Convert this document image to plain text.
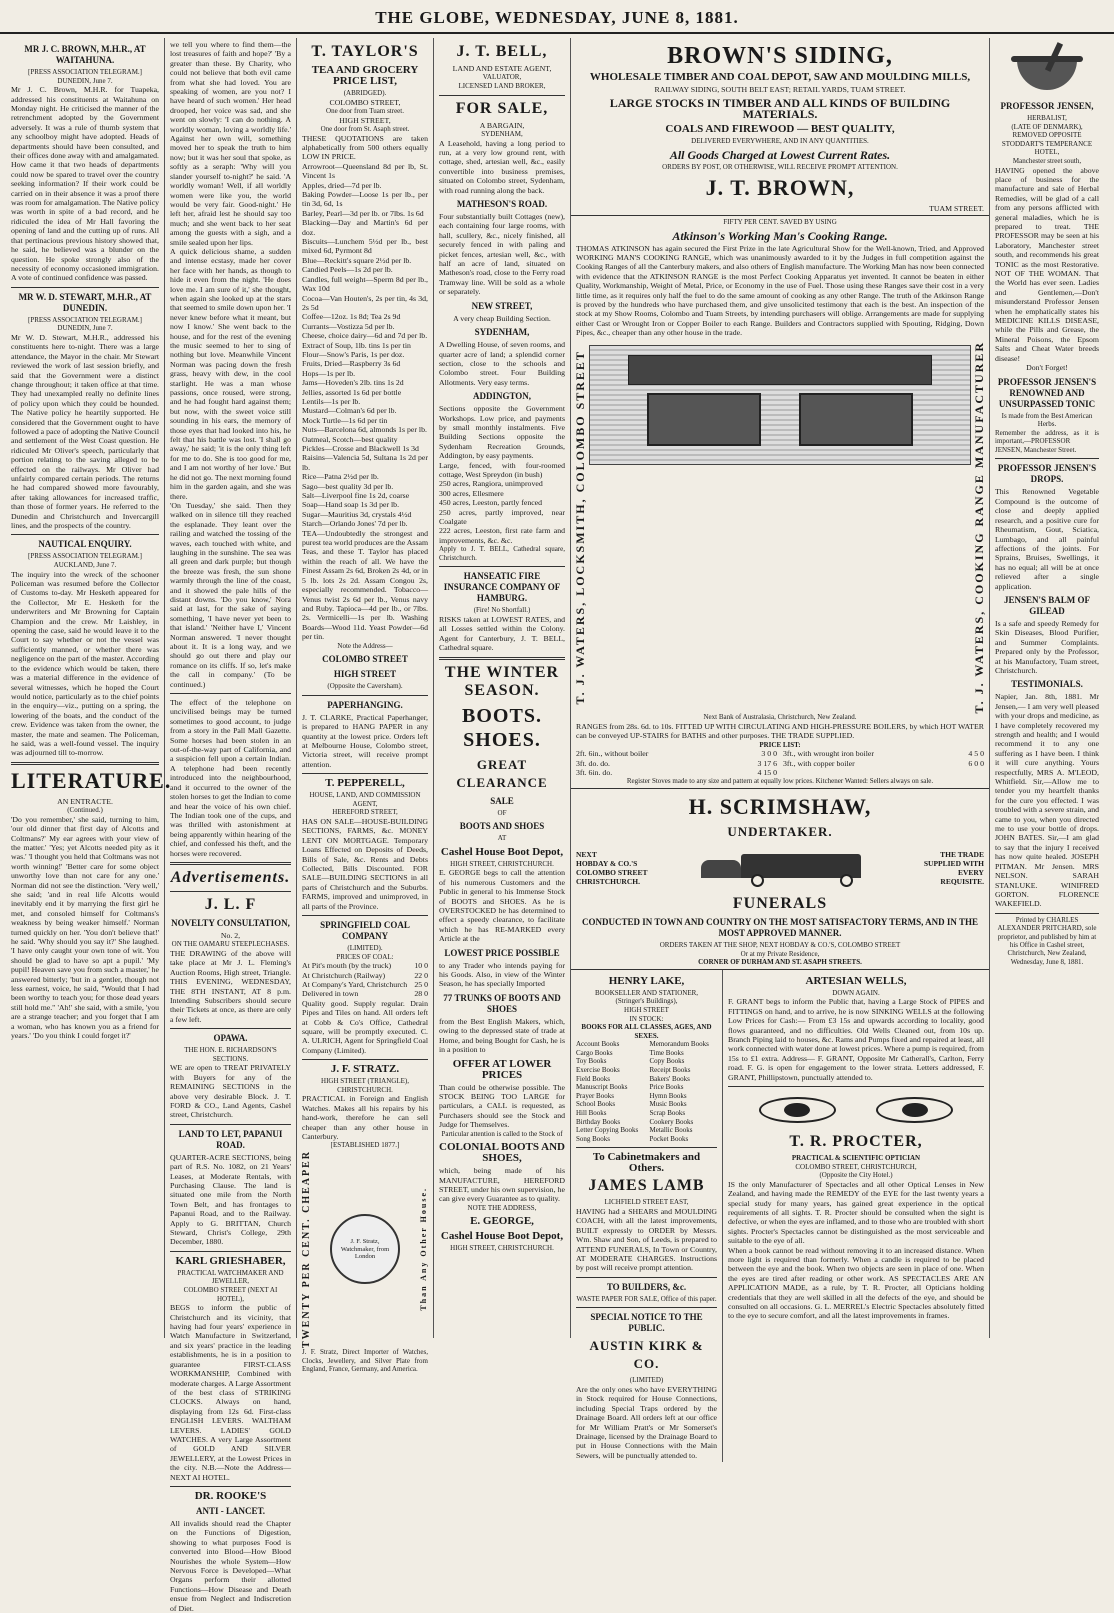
THE GLOBE, WEDNESDAY, JUNE 8, 1881.
MR J. C. BROWN, M.H.R., AT WAITAHUNA.
[PRESS ASSOCIATION TELEGRAM.]
DUNEDIN, June 7.

Mr J. C. Brown, M.H.R. for Tuapeka, addressed his constituents at Waitahuna on Monday night. He criticised the manner of the retrenchment adopted by the Government adversely. It was a rule of thumb system that any schoolboy might have adopted. Heads of departments should have been consulted, and their offices done away with and amalgamated. How came it that two heads of departments could now be spared to travel over the country seeking information? If their work could be carried on in their absence it was a proof there was room for amalgamation. The Native policy was worth in spite of a bad record, and he ridiculed the idea of Mr Hall favoring the opening of land and the cutting up of runs. All that pertinacious previous history showed that, he said, he believed was a blunder on the question. He spoke strongly also of the necessity of economy occasioned immigration. A vote of continued confidence was passed.

MR W. D. STEWART, M.H.R., AT DUNEDIN.
[PRESS ASSOCIATION TELEGRAM.]
DUNEDIN, June 7.

Mr W. D. Stewart, M.H.R., addressed his constituents here to-night. There was a large attendance, the Mayor in the chair. Mr Stewart reviewed the work of last session briefly, and said that the Government were a distinct change throughout; it taken office at that time. They had unexampled really no definite lines of policy upon which they could be hounded. The Native policy he heartily supported. He considered that the Government ought to have followed a pace of adopting the Native Council and settlement of the West Coast question. He ridiculed Mr Oliver's speech, particularly that portion relating to the saving alleged to be effected on the railways. Mr Oliver had unfairly compared certain periods. The returns he had compared showed more favourably, after taking allowances for increased traffic, than those of former years. He referred to the Dunedin and Christchurch and Invercargill lines, and the prospects of the country.

NAUTICAL ENQUIRY.
[PRESS ASSOCIATION TELEGRAM.]
AUCKLAND, June 7.

The inquiry into the wreck of the schooner Policeman was resumed before the Collector of Customs to-day. Mr Hesketh appeared for the Collector, Mr E. Hesketh for the underwriters and Mr Browning for Captain Champion and the crew. Mr Laishley, in opening the case, said he would leave it to the Court to say whether or not the vessel was sufficiently manned, or whether there was negligence on the part of the master. According to the evidence which would be taken, there was a material difference in the evidence of several witnesses, which he hoped the Court would notice, particularly as to the chief points in the enquiry—viz., putting on a spring, the lowering of the boats, and the conduct of the crew. Evidence was taken from the owner, the master, the mate and seamen. The Policeman, he said, was a well-found vessel. The inquiry was adjourned till to-morrow.

LITERATURE.
AN ENTRACTE.
(Continued.)

'Do you remember,' she said, turning to him, 'our old dinner that first day of Alcotts and Coltmans?' My ear agrees with your view of the matter.' 'Yes; yet Alcotts needed pity as it was.' 'I thought you held that Coltmans was not worth winning!' 'Better care for some object unworthy love than not care for any one.' Norman did not see the distinction. 'Very well,' she said; 'and in real life Alcotts would inevitably end it by marrying the first girl he met, and consoled himself for Coltmans's weakness by being weaker himself.' Norman turned quickly on her. 'You don't believe that!' he said. 'Why should you say it?' She laughed. 'I have only caught your own tone of wit. You should be glad to have so apt a pupil.' 'My pupil! Heaven save you from such a master,' he answered bitterly; 'but in a gentler, though not less earnest, voice, he said, "Would that I had been worthy to teach you; for those dead years still hold me." 'Ah!' she said, with a smile, 'you are a strange teacher; and you forget that I am a woman, who has known you as a friend for years.' 'Do you think I could forget it?'

we tell you where to find them—the lost treasures of faith and hope?' 'By a greater than these. By Charity, who could not believe that both evil came from what she had loved. You are speaking of women, are you not? I have heard of such women.' Her head drooped, her voice was sad, and she went on slowly: 'I can do nothing. A worldly woman, loving a worldly life.' Against her own will, something moved her to speak the truth to him now; but it was her soul that spoke, as softly as a seraph: 'Why will you slander yourself to-night?' he said. 'A worldly woman! Well, if all worldly women were like you, the world would be very fair. Good-night.' He left her, afraid lest he should say too much; and she went back to her seat among the guests with a sigh, and a smile sealed upon her lips.

A quick delicious shame, a sudden and intense ecstasy, made her cover her face with her hands, as though to hide it even from the night. 'He does love me. I am sure of it,' she thought, when again she looked up at the stars that seemed to smile down upon her. 'I never knew before what it meant, but now I know.' She went back to the house, and for the rest of the evening the music seemed to her to sing of nothing but love. Meanwhile Vincent Norman was pacing down the fresh grass, heavy with dew, in the cool starlight. He was a man whose passions, once roused, were strong, and he had fought hard against them; but now, with the sweet voice still sounding in his ears, the memory of those eyes that had looked into his, he felt that his battle was lost. 'I shall go away,' he said; 'it is the only thing left for me to do. She is too good for me, and I am not worthy of her love.' But he did not go. The next morning found him in the garden again, and she was there.

'On Tuesday,' she said. Then they walked on in silence till they reached the esplanade. They leant over the railing and watched the tossing of the waves, each touched with white, and laughing in the sunshine. The sea was all green and dark purple; but though the breeze was fresh, the sun shone warmly through the line of the coast, and it showed the pale hills of the distant downs. 'Do you know,' Nora said at last, for the sake of saying something, 'I have never yet been to that island.' 'Neither have I,' Vincent Norman answered. 'I never thought about it. It is a long way, and we should go out there and play our romance on its cliffs. If so, let's make the call in company.' (To be continued.)

The effect of the telephone on uncivilised beings may be turned sometimes to good account, to judge from a story in the Pall Mall Gazette. Some horses had been stolen in an out-of-the-way part of California, and a suspicion fell upon a certain Indian. A telephone had been recently introduced into the neighbourhood, and it occurred to the owner of the stolen horses to get the Indian to come and hear the voice of his own chief. The Indian took one of the cups, and was thrilled with astonishment at being apparently within hearing of the chief, and confessed his theft, and the horses were recovered.

Advertisements.
J. L. F
NOVELTY CONSULTATION,
No. 2,
ON THE OAMARU STEEPLECHASES.

THE DRAWING of the above will take place at Mr J. L. Fleming's Auction Rooms, High street, Triangle. THIS EVENING, WEDNESDAY, THE 8TH INSTANT, AT 8 p.m. Intending Subscribers should secure their Tickets at once, as there are only a few left.

OPAWA.
THE HON. E. RICHARDSON'S SECTIONS.

WE are open to TREAT PRIVATELY with Buyers for any of the REMAINING SECTIONS in the above very desirable Block. J. T. FORD & CO., Land Agents, Cashel street, Christchurch.

LAND TO LET, PAPANUI ROAD.

QUARTER-ACRE SECTIONS, being part of R.S. No. 1082, on 21 Years' Leases, at Moderate Rentals, with Purchasing Clause. The land is situated one mile from the North Town Belt, and has frontages to Papanui Road, and to the Railway. Apply to G. BRITTAN, Church Steward, Christ's College, 29th December, 1880.

KARL GRIESHABER,
PRACTICAL WATCHMAKER AND JEWELLER,
COLOMBO STREET (NEXT AI HOTEL),

BEGS to inform the public of Christchurch and its vicinity, that having had four years' experience in Watch Manufacture in Switzerland, and six years' practice in the leading establishments, he is in a position to guarantee FIRST-CLASS WORKMANSHIP, Combined with moderate charges. A Large Assortment of the best class of STRIKING CLOCKS. Always on hand, displaying from 12s 6d. First-class ENGLISH LEVERS. WALTHAM LEVERS. LADIES' GOLD WATCHES. A very Large Assortment of GOLD AND SILVER JEWELLERY, at the Lowest Prices in the city. N.B.—Note the Address—NEXT AI HOTEL.

DR. ROOKE'S
ANTI - LANCET.

All invalids should read the Chapter on the Functions of Digestion, showing to what purposes Food is converted into Blood—How Blood Nourishes the whole System—How Nervous Force is Developed—What Organs perform their allotted Functions—How Disease and Death ensue from Neglect and Indiscretion of Diet.

T. TAYLOR'S
TEA AND GROCERY PRICE LIST,
(ABRIDGED).
COLOMBO STREET,
One door from Tuam street.
HIGH STREET,
One door from St. Asaph street.

THESE QUOTATIONS are taken alphabetically from 500 others equally LOW IN PRICE.

Arrowroot—Queensland 8d per lb, St. Vincent 1s
Apples, dried—7d per lb.
Baking Powder—Loose 1s per lb., per tin 3d, 6d, 1s
Barley, Pearl—3d per lb. or 7lbs. 1s 6d
Blacking—Day and Martin's 6d per doz.
Biscuits—Lunchem 5½d per lb., best mixed 6d, Pyrmont 8d
Blue—Reckitt's square 2½d per lb.
Candied Peels—1s 2d per lb.
Candles, full weight—Sperm 8d per lb., Wax 10d
Cocoa—Van Houten's, 2s per tin, 4s 3d, 2s 5d
Coffee—12oz. 1s 8d; Tea 2s 9d
Currants—Vostizza 5d per lb.
Cheese, choice dairy—6d and 7d per lb.
Extract of Soup, 1lb. tins 1s per tin
Flour—Snow's Paris, 1s per doz.
Fruits, Dried—Raspberry 3s 6d
Hops—1s per lb.
Jams—Hoveden's 2lb. tins 1s 2d
Jellies, assorted 1s 6d per bottle
Lentils—1s per lb.
Mustard—Colman's 6d per lb.
Mock Turtle—1s 6d per tin
Nuts—Barcelona 6d, almonds 1s per lb.
Oatmeal, Scotch—best quality
Pickles—Crosse and Blackwell 1s 3d
Raisins—Valencia 5d, Sultana 1s 2d per lb.
Rice—Patna 2½d per lb.
Sago—best quality 3d per lb.
Salt—Liverpool fine 1s 2d, coarse
Soap—Hand soap 1s 3d per lb.
Sugar—Mauritius 3d, crystals 4½d
Starch—Orlando Jones' 7d per lb.

TEA—Undoubtedly the strongest and purest tea world produces are the Assam Teas, and these T. Taylor has placed within the reach of all. We have the Finest Assam 2s 6d, Broken 2s 4d, or in 5 lb. lots 2s 2d. Assam Congou 2s, especially recommended. Tobacco—Venus twist 2s 6d per lb., Venus navy and Ruby. Tapioca—4d per lb., or 7lbs. 2s. Vermicelli—1s per lb. Washing Boards—Wood 11d. Yeast Powder—6d per tin.

Note the Address—
COLOMBO STREET
HIGH STREET
(Opposite the Caversham).
PAPERHANGING.

J. T. CLARKE, Practical Paperhanger, is prepared to HANG PAPER in any quantity at the lowest price. Orders left at Melbourne House, Colombo street, Victoria street, will receive prompt attention.

T. PEPPERELL,
HOUSE, LAND, AND COMMISSION AGENT,
HEREFORD STREET,

HAS ON SALE—HOUSE-BUILDING SECTIONS, FARMS, &c. MONEY LENT ON MORTGAGE. Temporary Loans Effected on Deposits of Deeds, Bills of Sale, &c. Rents and Debts Collected, Bills Discounted. FOR SALE—BUILDING SECTIONS in all parts of Christchurch and the Suburbs. FARMS, improved and unimproved, in all parts of the Province.

SPRINGFIELD COAL COMPANY
(LIMITED).
PRICES OF COAL:
At Pit's mouth (by the truck)	10 0
At Christchurch (Railway)	22 0
At Company's Yard, Christchurch 25 0
Delivered in town	28 0

Quality good. Supply regular. Drain Pipes and Tiles on hand. All orders left at Cobb & Co's Office, Cathedral square, will be promptly executed. C. A. ULRICH, Agent for Springfield Coal Company (Limited).

J. F. STRATZ.
HIGH STREET (TRIANGLE), CHRISTCHURCH.

PRACTICAL in Foreign and English Watches. Makes all his repairs by his hand-work, therefore he can sell cheaper than any other house in Canterbury.

[ESTABLISHED 1877.]
TWENTY PER CENT. CHEAPER	J. F. Stratz, Watchmaker, from London	Than Any Other House.

J. F. Stratz, Direct Importer of Watches, Clocks, Jewellery, and Silver Plate from England, France, Germany, and America.

J. T. BELL,
LAND AND ESTATE AGENT,
VALUATOR,
LICENSED LAND BROKER,
FOR SALE,
A BARGAIN,
SYDENHAM,

A Leasehold, having a long period to run, at a very low ground rent, with cottage, shed, artesian well, &c., easily convertible into business premises, situated on Colombo street, Sydenham, with road running along the back.

MATHESON'S ROAD.

Four substantially built Cottages (new), each containing four large rooms, with hall, scullery, &c., nicely finished, all securely fenced in with paling and picket fences, artesian well, &c., with half an acre of land, situated on Matheson's road, close to the Ferry road Tramway line. Will be sold as a whole or separately.

NEW STREET,

A very cheap Building Section.

SYDENHAM,

A Dwelling House, of seven rooms, and quarter acre of land; a splendid corner section, close to the schools and Colombo street. Four Building Allotments. Very easy terms.

ADDINGTON,

Sections opposite the Government Workshops. Low price, and payments by small monthly instalments. Five Building Sections opposite the Sydenham Recreation Grounds, Addington, by easy payments.

Large, fenced, with four-roomed cottage, West Spreydon (in bush)
250 acres, Rangiora, unimproved
300 acres, Ellesmere
450 acres, Leeston, partly fenced
250 acres, partly improved, near Coalgate
222 acres, Leeston, first rate farm and improvements, &c. &c.

Apply to J. T. BELL, Cathedral square, Christchurch.

HANSEATIC FIRE INSURANCE COMPANY OF HAMBURG.
(Fire! No Shortfall.)

RISKS taken at LOWEST RATES, and all Losses settled within the Colony. Agent for Canterbury, J. T. BELL, Cathedral square.

THE WINTER SEASON.
BOOTS. SHOES.
GREAT CLEARANCE
SALE
OF
BOOTS AND SHOES
AT
Cashel House Boot Depot,
HIGH STREET, CHRISTCHURCH.

E. GEORGE begs to call the attention of his numerous Customers and the Public in general to his Immense Stock of BOOTS and SHOES. As he is OVERSTOCKED he has determined to effect a speedy clearance, to facilitate which he has RE-MARKED every Article at the

LOWEST PRICE POSSIBLE

to any Trader who intends paying for his Goods. Also, in view of the Winter Season, he has specially Imported

77 TRUNKS OF BOOTS AND SHOES

from the Best English Makers, which, owing to the depressed state of trade at Home, and being Bought for Cash, he is in a position to

OFFER AT LOWER PRICES

Than could be otherwise possible. The STOCK BEING TOO LARGE for particulars, a CALL is requested, as Purchasers should see the Stock and Judge for Themselves.

Particular attention is called to the Stock of

COLONIAL BOOTS AND SHOES,

which, being made of his MANUFACTURE, HEREFORD STREET, under his own supervision, he can give every Guarantee as to quality.

NOTE THE ADDRESS,
E. GEORGE,
Cashel House Boot Depot,
HIGH STREET, CHRISTCHURCH.
BROWN'S SIDING,
WHOLESALE TIMBER AND COAL DEPOT, SAW AND MOULDING MILLS,
RAILWAY SIDING, SOUTH BELT EAST; RETAIL YARDS, TUAM STREET.
LARGE STOCKS IN TIMBER AND ALL KINDS OF BUILDING MATERIALS.
COALS AND FIREWOOD — BEST QUALITY,
DELIVERED EVERYWHERE, AND IN ANY QUANTITIES.
All Goods Charged at Lowest Current Rates.
ORDERS BY POST, OR OTHERWISE, WILL RECEIVE PROMPT ATTENTION.
J. T. BROWN,
TUAM STREET.
FIFTY PER CENT. SAVED BY USING
Atkinson's Working Man's Cooking Range.

THOMAS ATKINSON has again secured the First Prize in the late Agricultural Show for the Well-known, Tried, and Approved WORKING MAN'S COOKING RANGE, which was unanimously awarded to it by the Judges in full competition against the Cooking Ranges of all the Canterbury makers, and also others of English manufacture. The Working Man has now been connected with evidence that the ATKINSON RANGE is the most Perfect Cooking Apparatus yet invented. It cannot be beaten in either Quality, Workmanship, Weight of Metal, Price, or Economy in the use of Fuel. Those using these Ranges save their cost in a very little time, as it requires only half the fuel to do the same amount of cooking as any other Range. The truth of the Atkinson Range is proved by the hundreds who have purchased them, and give unsolicited testimony that each is the best. An inspection of the stock at my Show Rooms, Colombo and Tuam Streets, by intending purchasers will oblige. Arrangements are made for supplying either Cast or Wrought Iron or Copper Boiler to each Range. Builders and Contractors supplied with Spouting, Ridging, Down Pipes, &c., cheaper than any other house in the trade.

T. J. WATERS, LOCKSMITH, COLOMBO STREET	T. J. WATERS, COOKING RANGE MANUFACTURER
Next Bank of Australasia, Christchurch, New Zealand.

RANGES from 28s. 6d. to 10s. FITTED UP WITH CIRCULATING AND HIGH-PRESSURE BOILERS, by which HOT WATER can be conveyed UP-STAIRS for BATHS and other purposes. THE TRADE SUPPLIED.

PRICE LIST:
2ft. 6in., without boiler	3 0 0
3ft. do. do.	3 17 6
3ft. 6in. do.	4 15 0
3ft., with wrought iron boiler	4 5 0
3ft., with copper boiler	6 0 0
Register Stoves made to any size and pattern at equally low prices. Kitchener Wanted: Sellers always on sale.
H. SCRIMSHAW,
UNDERTAKER.
NEXT
HOBDAY & CO.'S
COLOMBO STREET
CHRISTCHURCH.
THE TRADE
SUPPLIED WITH
EVERY
REQUISITE.
FUNERALS
CONDUCTED IN TOWN AND COUNTRY ON THE MOST SATISFACTORY TERMS, AND IN THE MOST APPROVED MANNER.
ORDERS TAKEN AT THE SHOP, NEXT HOBDAY & CO.'S, COLOMBO STREET
Or at my Private Residence,
CORNER OF DURHAM AND ST. ASAPH STREETS.
HENRY LAKE,
BOOKSELLER AND STATIONER,
(Stringer's Buildings),
HIGH STREET
IN STOCK:
BOOKS FOR ALL CLASSES, AGES, AND SEXES.
Account Books
Cargo Books
Toy Books
Exercise Books
Field Books
Manuscript Books
Prayer Books
School Books
Hill Books
Birthday Books
Letter Copying Books
Song Books
Memorandum Books
Time Books
Copy Books
Receipt Books
Bakers' Books
Price Books
Hymn Books
Music Books
Scrap Books
Cookery Books
Metallic Books
Pocket Books
To Cabinetmakers and Others.
JAMES LAMB
LICHFIELD STREET EAST,

HAVING had a SHEARS and MOULDING COACH, with all the latest improvements, BUILT expressly to ORDER by Messrs. Wm. Shaw and Son, of Leeds, is prepared to ATTEND FUNERALS, In Town or Country, AT MODERATE CHARGES. Instructions by post will receive prompt attention.

TO BUILDERS, &c.

WASTE PAPER FOR SALE, Office of this paper.

SPECIAL NOTICE TO THE PUBLIC.
AUSTIN KIRK & CO.
(LIMITED)

Are the only ones who have EVERYTHING in Stock required for House Connections, including Special Traps ordered by the Drainage Board. All orders left at our office for Mr William Pratt's or Mr Somerset's Drainage, licensed by the Drainage Board to put in House Connections with the Main Sewers, will be punctually attended to.

ARTESIAN WELLS,
DOWN AGAIN.

F. GRANT begs to inform the Public that, having a Large Stock of PIPES and FITTINGS on hand, and to arrive, he is now SINKING WELLS at the following Low Prices for Cash:— From £3 15s and upwards according to locality, good flows guaranteed, and no difficulties. Old Wells Cleaned out, from 10s up. Branch Piping laid to houses, &c. Rams and Pumps fixed and repaired at least, all work connected with water done at lowest prices. Where a pump is required, from 15s to £1 extra. Address— F. GRANT, Opposite Mr Catherall's, Carlton, Ferry road. F. G. is open for engagement to the lower strata. Letters addressed, F. GRANT, Phillipstown, punctually attended to.

T. R. PROCTER,
PRACTICAL & SCIENTIFIC OPTICIAN
COLOMBO STREET, CHRISTCHURCH,
(Opposite the City Hotel.)

IS the only Manufacturer of Spectacles and all other Optical Lenses in New Zealand, and having made the REMEDY of the EYE for the last twenty years a special study for many years, has gained great experience in the optical requirements of all sights. T. R. Procter should be consulted when the sight is defective, or when the eyes are inflamed, and to those who are troubled with short sights. Procter's Spectacles cannot be distinguished as the most serviceable and suitable to the eye of all.

When a book cannot be read without removing it to an increased distance. When more light is required than formerly. When a candle is required to be placed between the eye and the book. When two objects are seen in place of one. When the eyes are tired after reading or other work. AS SPECTACLES ARE AN APPLICATION MADE, as a rule, by T. R. Procter, all Opticians holding credentials that they are well skilled in all the defects of the eye, and should be consulted on all occasions. G. L. MERREL's Electric Spectacles absolutely fitted to the eye to secure comfort, and all the latest improvements in frames.

PROFESSOR JENSEN,
HERBALIST,
(LATE OF DENMARK),
REMOVED OPPOSITE STODDART'S TEMPERANCE HOTEL,
Manchester street south,

HAVING opened the above place of business for the manufacture and sale of Herbal Remedies, will be glad of a call from any persons afflicted with general maladies, which he is prepared to treat. THE PROFESSOR may be seen at his Laboratory, Manchester street south, and recommends his great TONIC as the most Restorative. NOT OF THE WOMAN. That the World has ever seen. Ladies and Gentlemen,—Don't misunderstand Professor Jensen when he emphatically states his MEDICINE KILLS DISEASE, while the Pills and Grease, the Mineral Poisons, the Epsom Salts and Cheat Water breeds disease!

Don't Forget!
PROFESSOR JENSEN'S RENOWNED AND UNSURPASSED TONIC
Is made from the Best American Herbs.

Remember the address, as it is important,—PROFESSOR JENSEN, Manchester Street.

PROFESSOR JENSEN'S DROPS.

This Renowned Vegetable Compound is the outcome of close and deeply applied research, and a positive cure for Rheumatism, Gout, Sciatica, Lumbago, and all painful affections of the joints. For Sprains, Bruises, Swellings, it has no equal; all will be at once relieved after a single application.

JENSEN'S BALM OF GILEAD

Is a safe and speedy Remedy for Skin Diseases, Blood Purifier, and Summer Complaints. Prepared only by the Professor, at his Manufactory, Tuam street, Christchurch.

TESTIMONIALS.

Napier, Jan. 8th, 1881. Mr Jensen,— I am very well pleased with your drops and medicine, as I have completely recovered my strength and health; and I would recommend it to any one suffering as I have been. I think it will cure anything. Yours respectfully, MRS A. M'LEOD, Whitfield. Sir,—Allow me to tender you my heartfelt thanks for the cure you effected. I was troubled with a severe strain, and came to you, when you directed me to use your bottle of drops. JOHN BATES. Sir,—I am glad to say that the injury I received has now quite healed. JOSEPH PITMAN. Mr Jensen. MRS NELSON. SARAH STANLUKE. WINIFRED GORTON. FLORENCE WAKEFIELD.

Printed by CHARLES ALEXANDER PRITCHARD, sole proprietor, and published by him at his Office in Cashel street, Christchurch, New Zealand, Wednesday, June 8, 1881.
